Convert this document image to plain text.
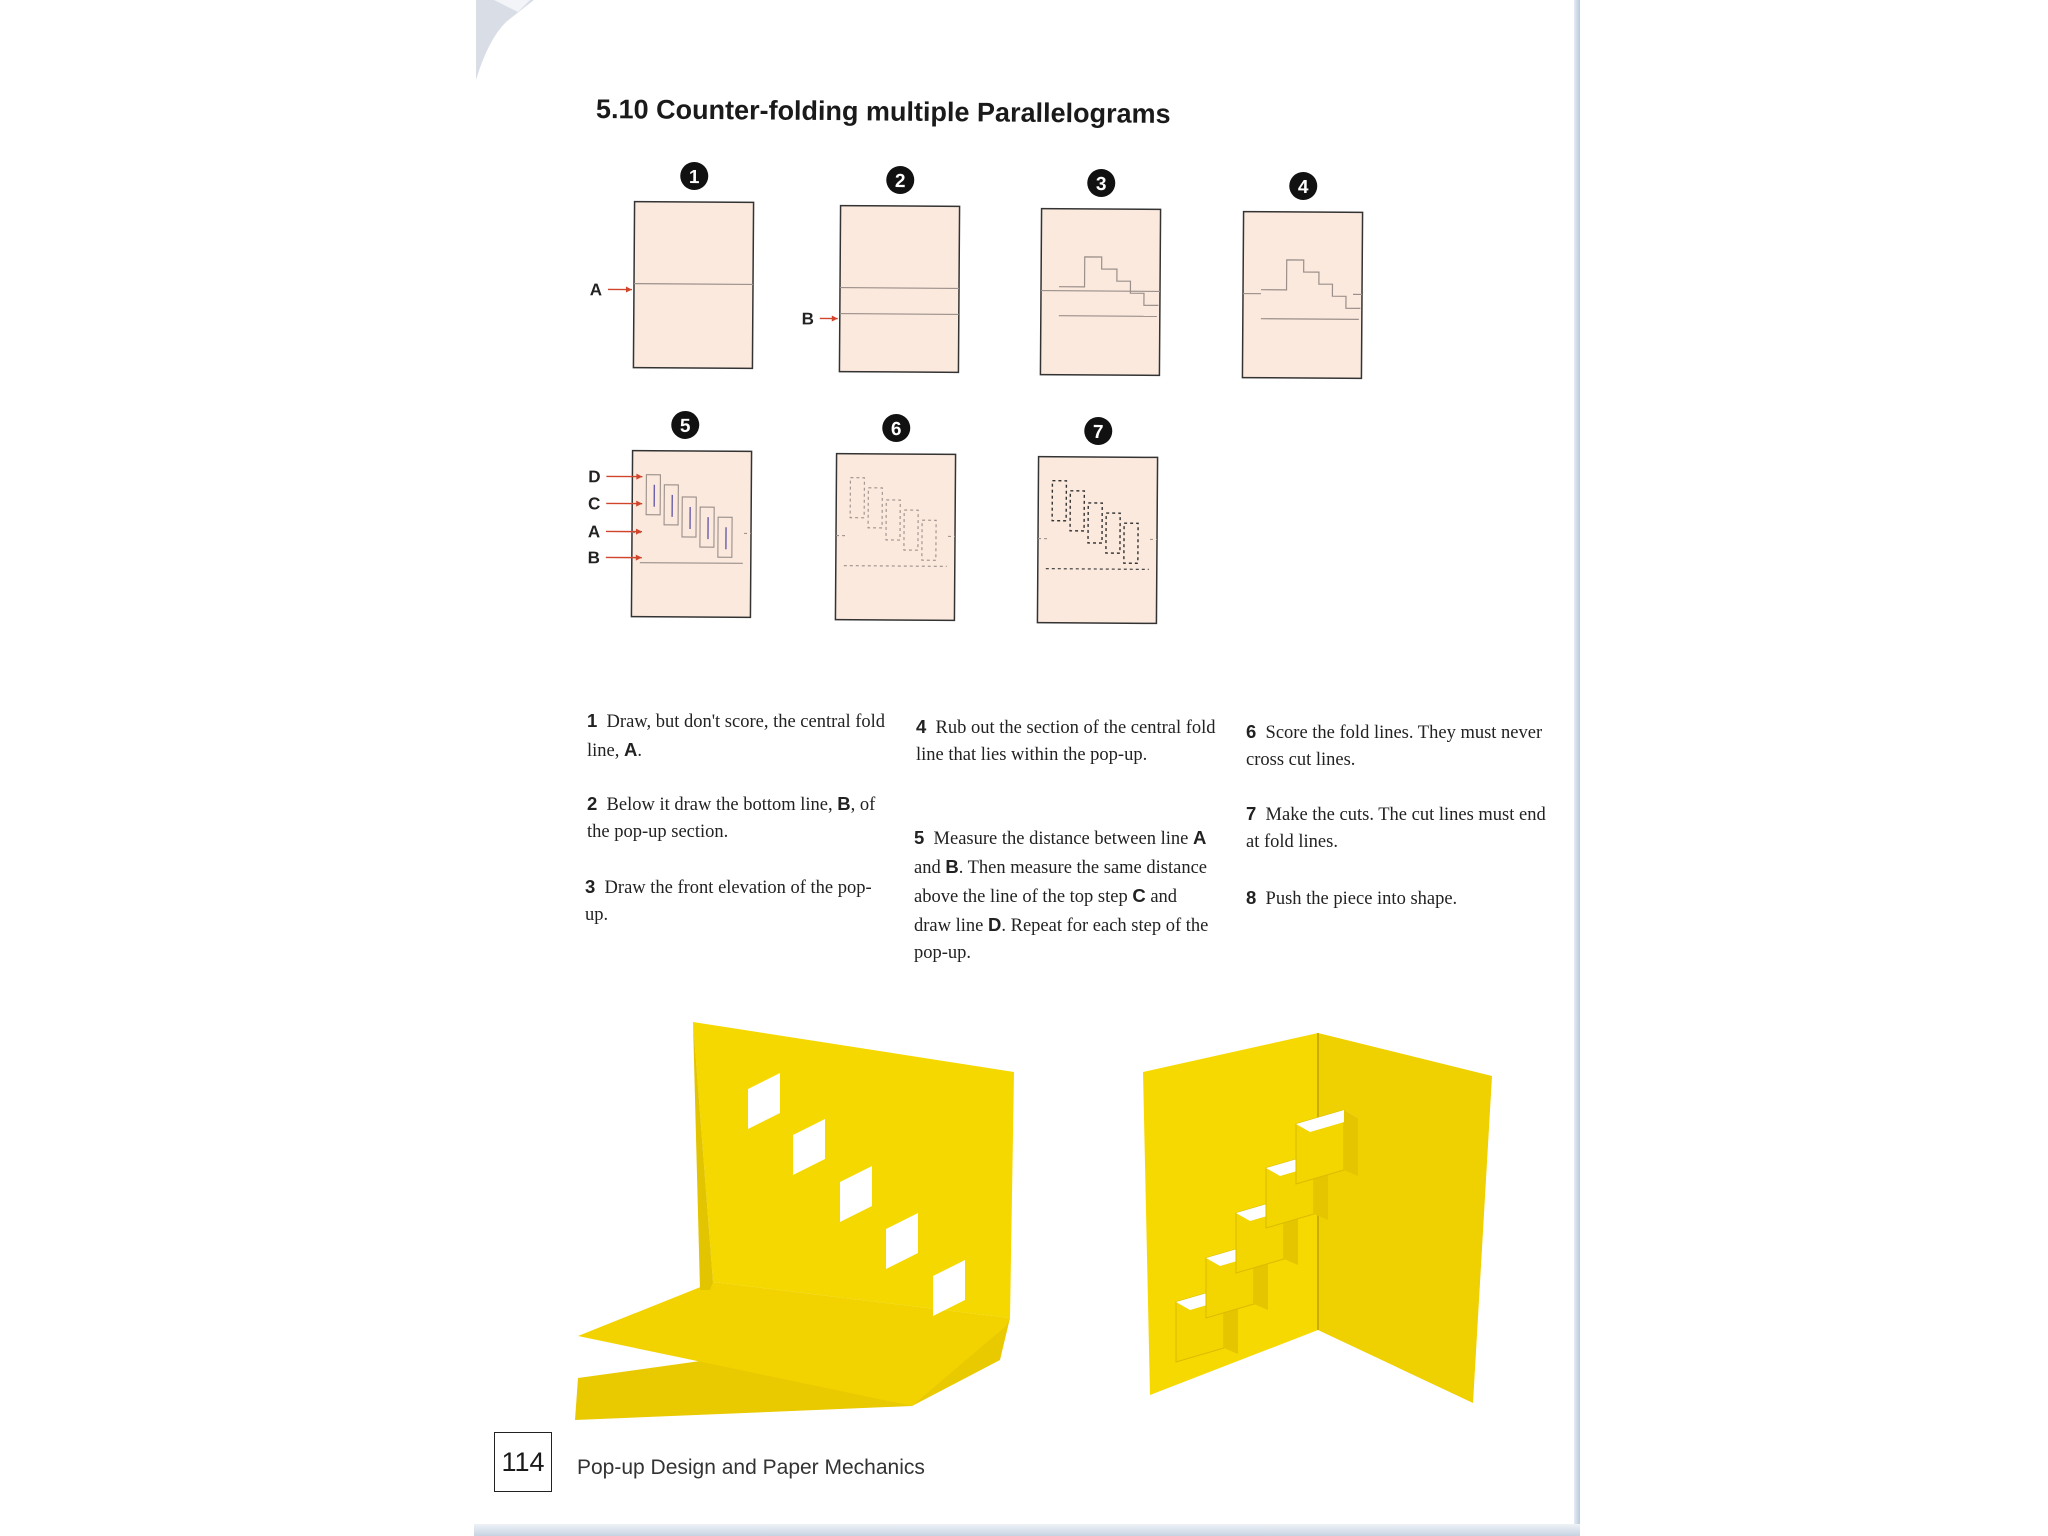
5.10 Counter-folding multiple Parallelograms
1
A
2
B
3	4
5
D
C
A
B
6	7
1 Draw, but don't score, the central fold line, A.
2 Below it draw the bottom line, B, of the pop-up section.
3 Draw the front elevation of the pop-up.
4 Rub out the section of the central fold line that lies within the pop-up.
5 Measure the distance between line A and B. Then measure the same distance above the line of the top step C and draw line D. Repeat for each step of the pop-up.
6 Score the fold lines. They must never cross cut lines.
7 Make the cuts. The cut lines must end at fold lines.
8 Push the piece into shape.
114	Pop-up Design and Paper Mechanics
